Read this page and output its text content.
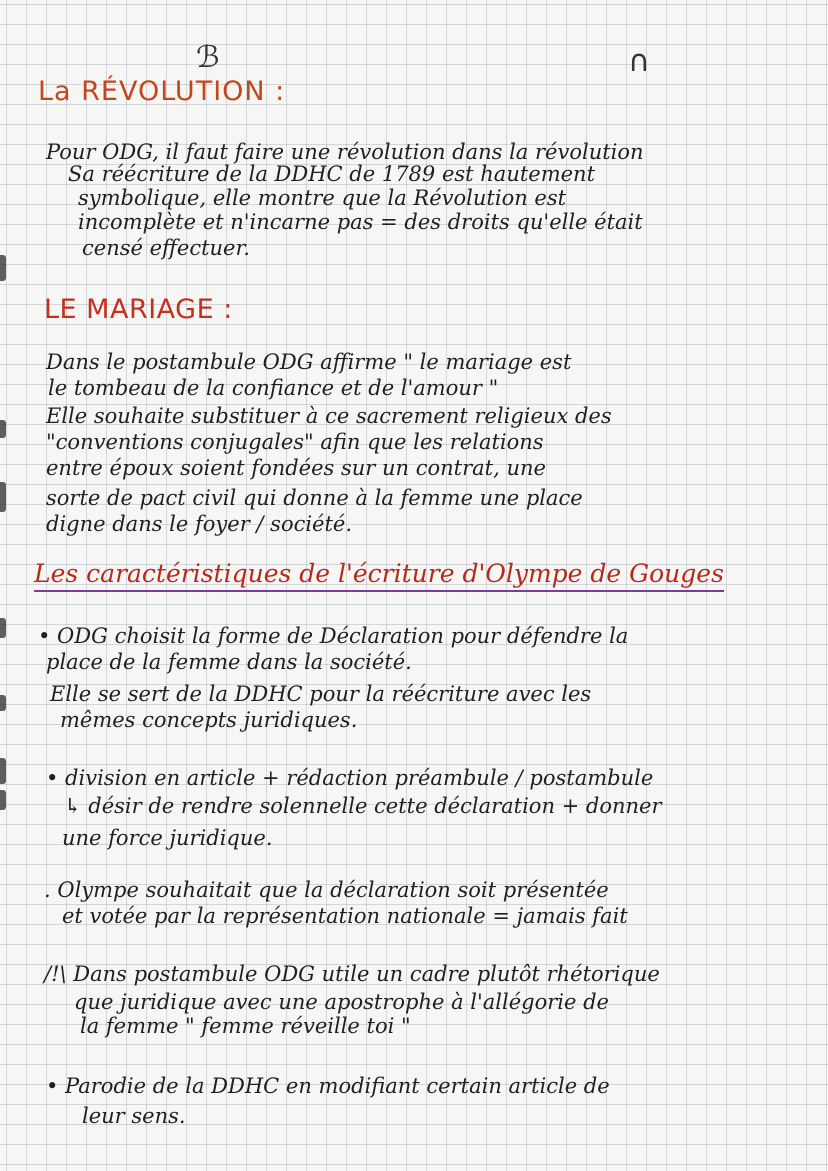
ℬ	∩
La RÉVOLUTION :
Pour ODG, il faut faire une révolution dans la révolution
Sa réécriture de la DDHC de 1789 est hautement
symbolique, elle montre que la Révolution est
incomplète et n'incarne pas = des droits qu'elle était
censé effectuer.
LE MARIAGE :
Dans le postambule ODG affirme " le mariage est
le tombeau de la confiance et de l'amour "
Elle souhaite substituer à ce sacrement religieux des
"conventions conjugales" afin que les relations
entre époux soient fondées sur un contrat, une
sorte de pact civil qui donne à la femme une place
digne dans le foyer / société.
Les caractéristiques de l'écriture d'Olympe de Gouges
• ODG choisit la forme de Déclaration pour défendre la
place de la femme dans la société.
Elle se sert de la DDHC pour la réécriture avec les
mêmes concepts juridiques.
• division en article + rédaction préambule / postambule
↳ désir de rendre solennelle cette déclaration + donner
une force juridique.
. Olympe souhaitait que la déclaration soit présentée
et votée par la représentation nationale = jamais fait
/!\ Dans postambule ODG utile un cadre plutôt rhétorique
que juridique avec une apostrophe à l'allégorie de
la femme " femme réveille toi "
• Parodie de la DDHC en modifiant certain article de
leur sens.
